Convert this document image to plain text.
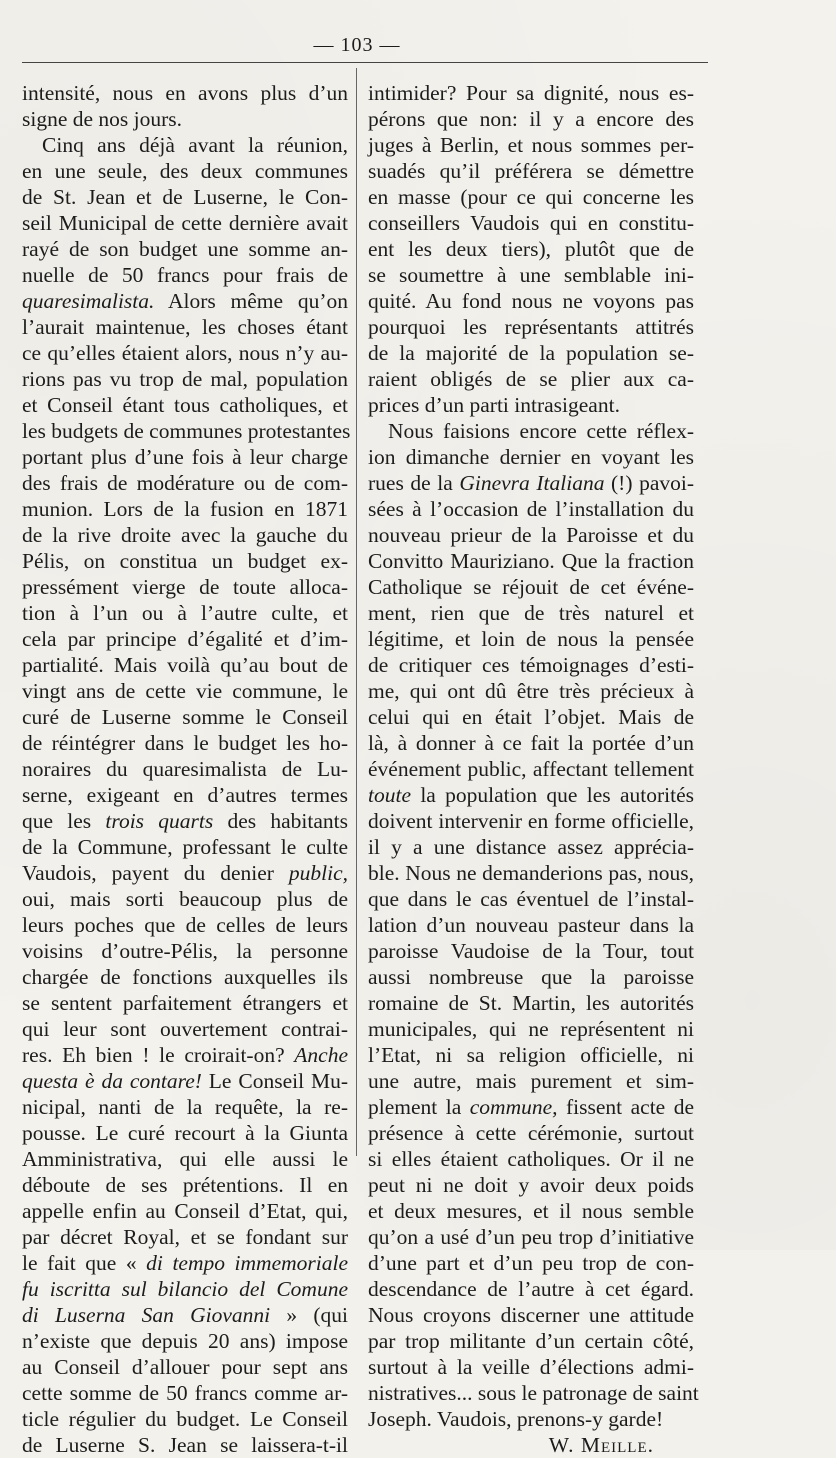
— 103 —
intensité, nous en avons plus d’un
signe de nos jours.
Cinq ans déjà avant la réunion,
en une seule, des deux communes
de St. Jean et de Luserne, le Con-
seil Municipal de cette dernière avait
rayé de son budget une somme an-
nuelle de 50 francs pour frais de
quaresimalista. Alors même qu’on
l’aurait maintenue, les choses étant
ce qu’elles étaient alors, nous n’y au-
rions pas vu trop de mal, population
et Conseil étant tous catholiques, et
les budgets de communes protestantes
portant plus d’une fois à leur charge
des frais de modérature ou de com-
munion. Lors de la fusion en 1871
de la rive droite avec la gauche du
Pélis, on constitua un budget ex-
pressément vierge de toute alloca-
tion à l’un ou à l’autre culte, et
cela par principe d’égalité et d’im-
partialité. Mais voilà qu’au bout de
vingt ans de cette vie commune, le
curé de Luserne somme le Conseil
de réintégrer dans le budget les ho-
noraires du quaresimalista de Lu-
serne, exigeant en d’autres termes
que les trois quarts des habitants
de la Commune, professant le culte
Vaudois, payent du denier public,
oui, mais sorti beaucoup plus de
leurs poches que de celles de leurs
voisins d’outre-Pélis, la personne
chargée de fonctions auxquelles ils
se sentent parfaitement étrangers et
qui leur sont ouvertement contrai-
res. Eh bien ! le croirait-on? Anche
questa è da contare! Le Conseil Mu-
nicipal, nanti de la requête, la re-
pousse. Le curé recourt à la Giunta
Amministrativa, qui elle aussi le
déboute de ses prétentions. Il en
appelle enfin au Conseil d’Etat, qui,
par décret Royal, et se fondant sur
le fait que « di tempo immemoriale
fu iscritta sul bilancio del Comune
di Luserna San Giovanni » (qui
n’existe que depuis 20 ans) impose
au Conseil d’allouer pour sept ans
cette somme de 50 francs comme ar-
ticle régulier du budget. Le Conseil
de Luserne S. Jean se laissera-t-il
intimider? Pour sa dignité, nous es-
pérons que non: il y a encore des
juges à Berlin, et nous sommes per-
suadés qu’il préférera se démettre
en masse (pour ce qui concerne les
conseillers Vaudois qui en constitu-
ent les deux tiers), plutôt que de
se soumettre à une semblable ini-
quité. Au fond nous ne voyons pas
pourquoi les représentants attitrés
de la majorité de la population se-
raient obligés de se plier aux ca-
prices d’un parti intrasigeant.
Nous faisions encore cette réflex-
ion dimanche dernier en voyant les
rues de la Ginevra Italiana (!) pavoi-
sées à l’occasion de l’installation du
nouveau prieur de la Paroisse et du
Convitto Mauriziano. Que la fraction
Catholique se réjouit de cet événe-
ment, rien que de très naturel et
légitime, et loin de nous la pensée
de critiquer ces témoignages d’esti-
me, qui ont dû être très précieux à
celui qui en était l’objet. Mais de
là, à donner à ce fait la portée d’un
événement public, affectant tellement
toute la population que les autorités
doivent intervenir en forme officielle,
il y a une distance assez apprécia-
ble. Nous ne demanderions pas, nous,
que dans le cas éventuel de l’instal-
lation d’un nouveau pasteur dans la
paroisse Vaudoise de la Tour, tout
aussi nombreuse que la paroisse
romaine de St. Martin, les autorités
municipales, qui ne représentent ni
l’Etat, ni sa religion officielle, ni
une autre, mais purement et sim-
plement la commune, fissent acte de
présence à cette cérémonie, surtout
si elles étaient catholiques. Or il ne
peut ni ne doit y avoir deux poids
et deux mesures, et il nous semble
qu’on a usé d’un peu trop d’initiative
d’une part et d’un peu trop de con-
descendance de l’autre à cet égard.
Nous croyons discerner une attitude
par trop militante d’un certain côté,
surtout à la veille d’élections admi-
nistratives... sous le patronage de saint
Joseph. Vaudois, prenons-y garde!
W. Meille.
